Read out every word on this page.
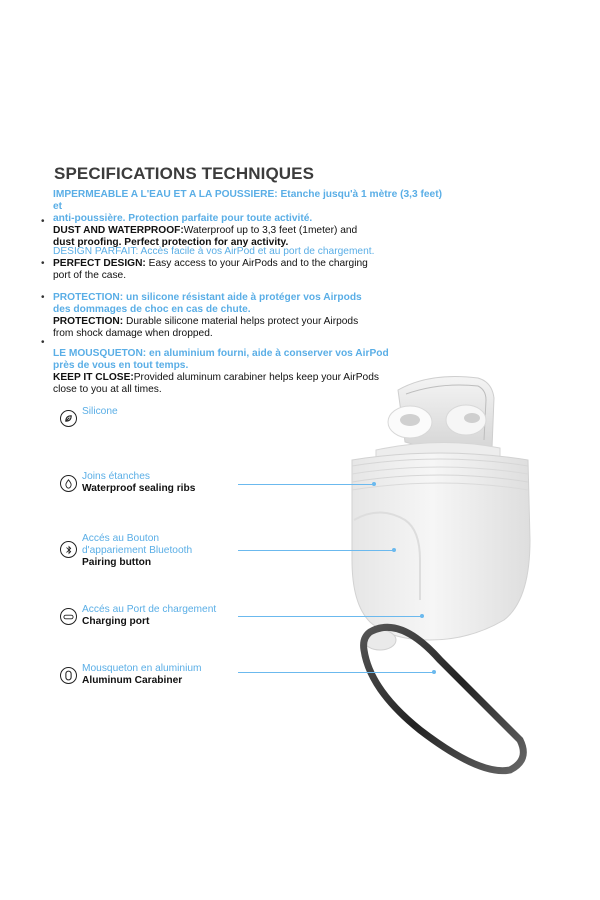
SPECIFICATIONS TECHNIQUES
IMPERMEABLE A L'EAU ET A LA POUSSIERE: Etanche jusqu'à 1 mètre (3,3 feet) et
anti-poussière. Protection parfaite pour toute activité.
DUST AND WATERPROOF:Waterproof up to 3,3 feet (1meter) and
dust proofing. Perfect protection for any activity.
•
DESIGN PARFAIT: Accès facile à vos AirPod et au port de chargement.
PERFECT DESIGN: Easy access to your AirPods and to the charging
port of the case.
•
PROTECTION: un silicone résistant aide à protéger vos Airpods
des dommages de choc en cas de chute.
PROTECTION: Durable silicone material helps protect your Airpods
from shock damage when dropped.
•
LE MOUSQUETON: en aluminium fourni, aide à conserver vos AirPod
près de vous en tout temps.
KEEP IT CLOSE:Provided aluminum carabiner helps keep your AirPods
close to you at all times.
•
Silicone
Joins étanches
Waterproof sealing ribs
Accés au Bouton
d'appariement Bluetooth
Pairing button
Accés au Port de chargement
Charging port
Mousqueton en aluminium
Aluminum Carabiner
